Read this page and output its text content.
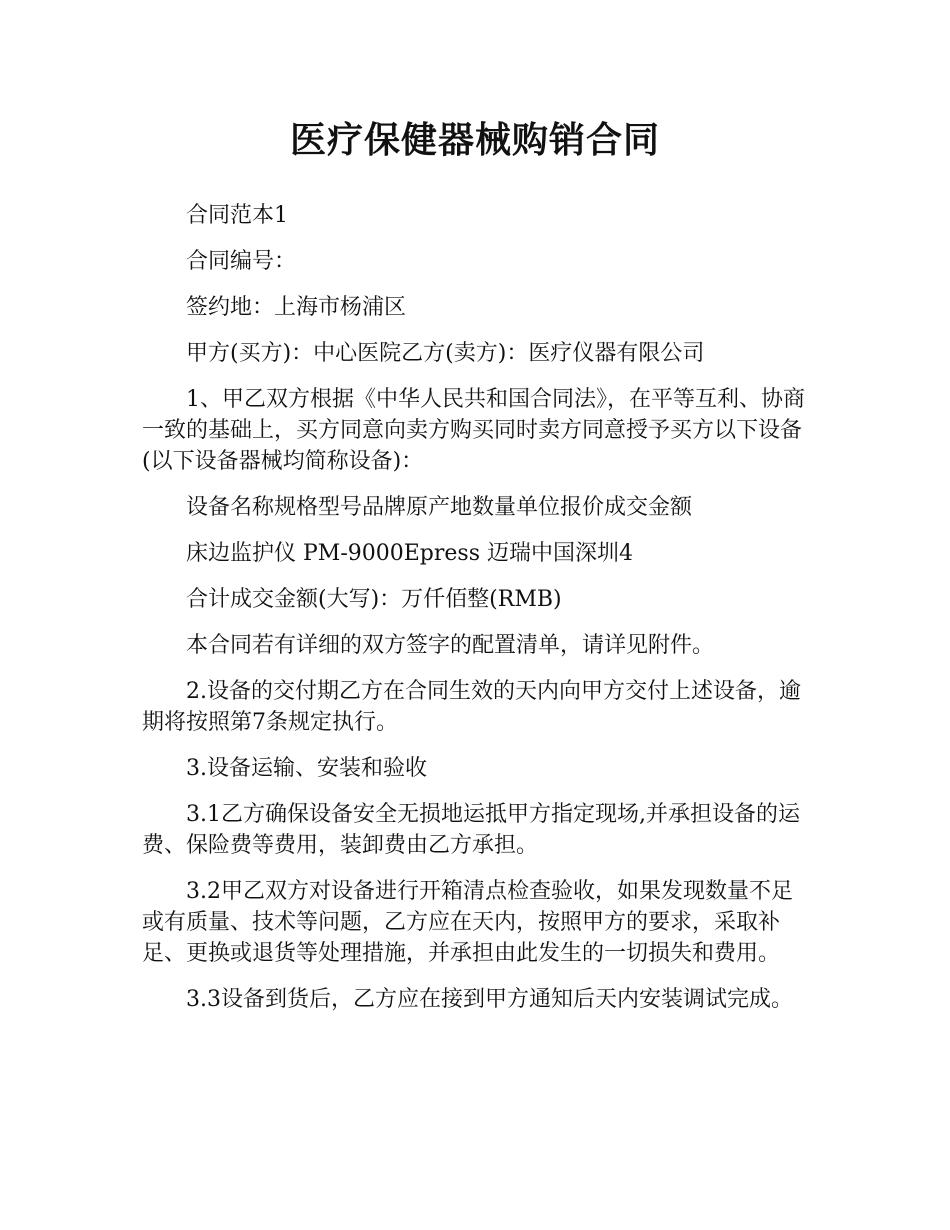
医疗保健器械购销合同

合同范本1

合同编号：

签约地：上海市杨浦区

甲方(买方)：中心医院乙方(卖方)：医疗仪器有限公司

1、甲乙双方根据《中华人民共和国合同法》，在平等互利、协商一致的基础上，买方同意向卖方购买同时卖方同意授予买方以下设备(以下设备器械均简称设备)：

设备名称规格型号品牌原产地数量单位报价成交金额

床边监护仪 PM-9000Epress 迈瑞中国深圳4

合计成交金额(大写)：万仟佰整(RMB)

本合同若有详细的双方签字的配置清单，请详见附件。

2.设备的交付期乙方在合同生效的天内向甲方交付上述设备，逾期将按照第7条规定执行。

3.设备运输、安装和验收

3.1乙方确保设备安全无损地运抵甲方指定现场,并承担设备的运费、保险费等费用，装卸费由乙方承担。

3.2甲乙双方对设备进行开箱清点检查验收，如果发现数量不足或有质量、技术等问题，乙方应在天内，按照甲方的要求，采取补足、更换或退货等处理措施，并承担由此发生的一切损失和费用。

3.3设备到货后，乙方应在接到甲方通知后天内安装调试完成。
